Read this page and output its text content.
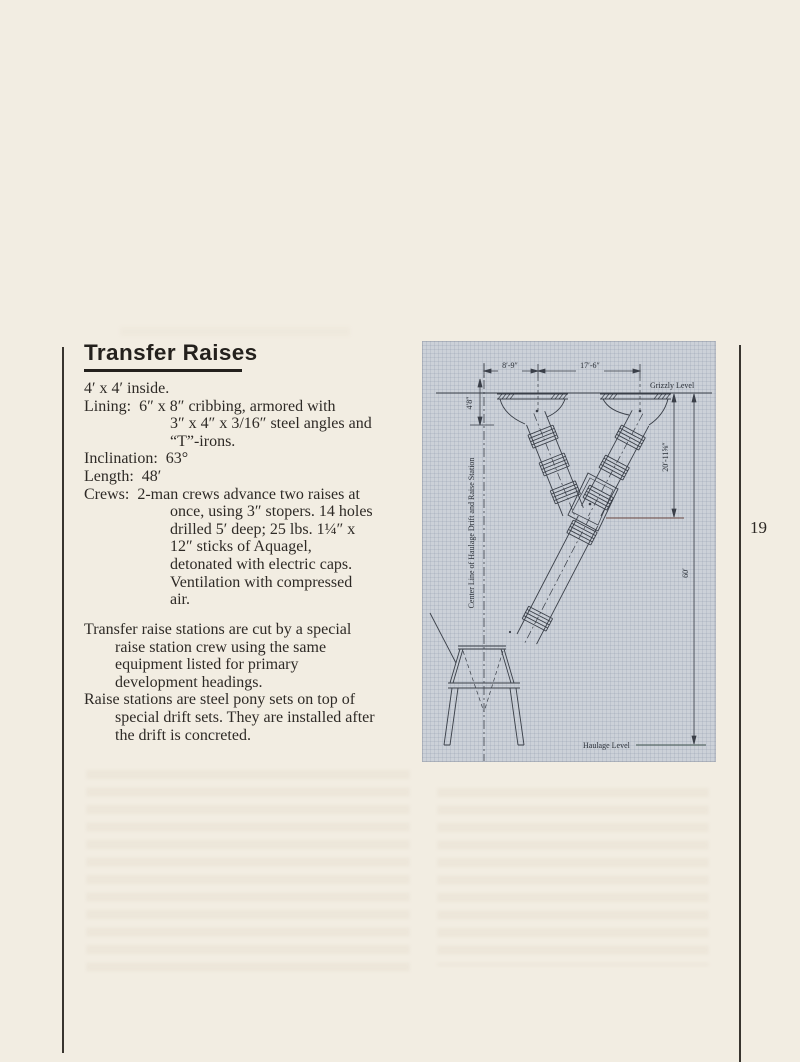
Transfer Raises
4′ x 4′ inside.
Lining:  6″ x 8″ cribbing, armored with
3″ x 4″ x 3/16″ steel angles and
“T”-irons.
Inclination:  63°
Length:  48′
Crews:  2-man crews advance two raises at
once, using 3″ stopers. 14 holes
drilled 5′ deep; 25 lbs. 1¼″ x
12″ sticks of Aquagel,
detonated with electric caps.
Ventilation with compressed
air.
Transfer raise stations are cut by a special
raise station crew using the same
equipment listed for primary
development headings.
Raise stations are steel pony sets on top of
special drift sets. They are installed after
the drift is concreted.
Grizzly Level
Haulage Level
Center Line of Haulage Drift and Raise Station
8′-9″	17′-6″
4′8″
20′-11⅝″
60′
19
